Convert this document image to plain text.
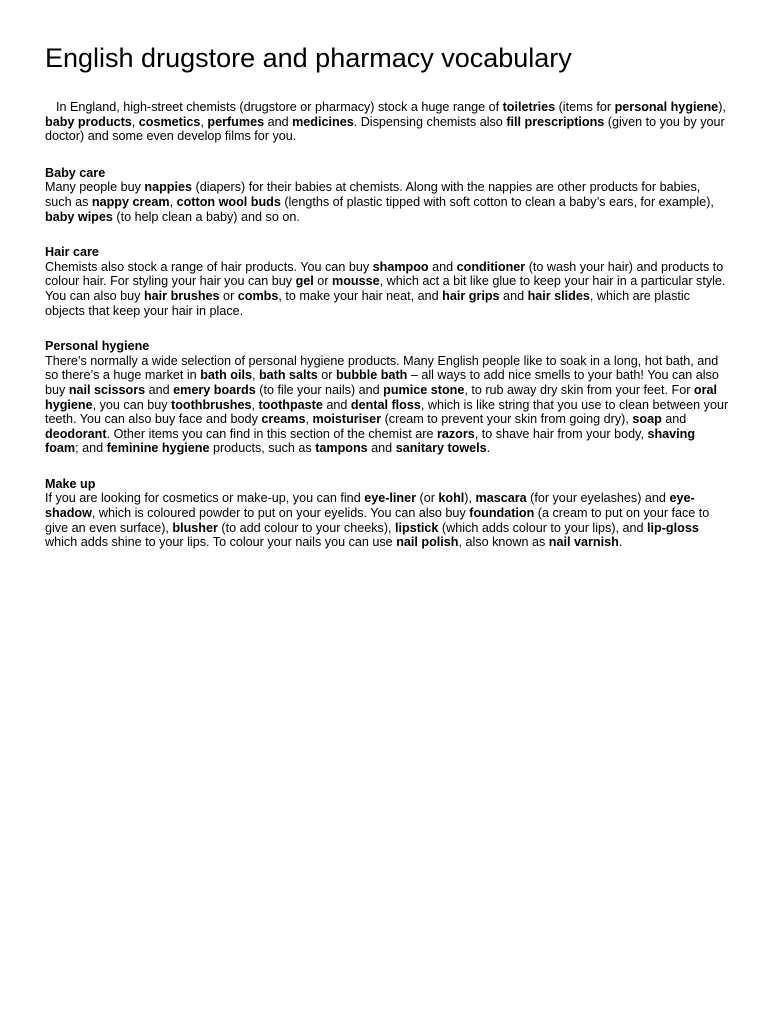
English drugstore and pharmacy vocabulary

In England, high-street chemists (drugstore or pharmacy) stock a huge range of toiletries (items for personal hygiene), baby products, cosmetics, perfumes and medicines. Dispensing chemists also fill prescriptions (given to you by your doctor) and some even develop films for you.

Baby care

Many people buy nappies (diapers) for their babies at chemists. Along with the nappies are other products for babies, such as nappy cream, cotton wool buds (lengths of plastic tipped with soft cotton to clean a baby’s ears, for example), baby wipes (to help clean a baby) and so on.

Hair care

Chemists also stock a range of hair products. You can buy shampoo and conditioner (to wash your hair) and products to colour hair. For styling your hair you can buy gel or mousse, which act a bit like glue to keep your hair in a particular style. You can also buy hair brushes or combs, to make your hair neat, and hair grips and hair slides, which are plastic objects that keep your hair in place.

Personal hygiene

There’s normally a wide selection of personal hygiene products. Many English people like to soak in a long, hot bath, and so there’s a huge market in bath oils, bath salts or bubble bath – all ways to add nice smells to your bath! You can also buy nail scissors and emery boards (to file your nails) and pumice stone, to rub away dry skin from your feet. For oral hygiene, you can buy toothbrushes, toothpaste and dental floss, which is like string that you use to clean between your teeth. You can also buy face and body creams, moisturiser (cream to prevent your skin from going dry), soap and deodorant. Other items you can find in this section of the chemist are razors, to shave hair from your body, shaving foam; and feminine hygiene products, such as tampons and sanitary towels.

Make up

If you are looking for cosmetics or make-up, you can find eye-liner (or kohl), mascara (for your eyelashes) and eye-shadow, which is coloured powder to put on your eyelids. You can also buy foundation (a cream to put on your face to give an even surface), blusher (to add colour to your cheeks), lipstick (which adds colour to your lips), and lip-gloss which adds shine to your lips. To colour your nails you can use nail polish, also known as nail varnish.
